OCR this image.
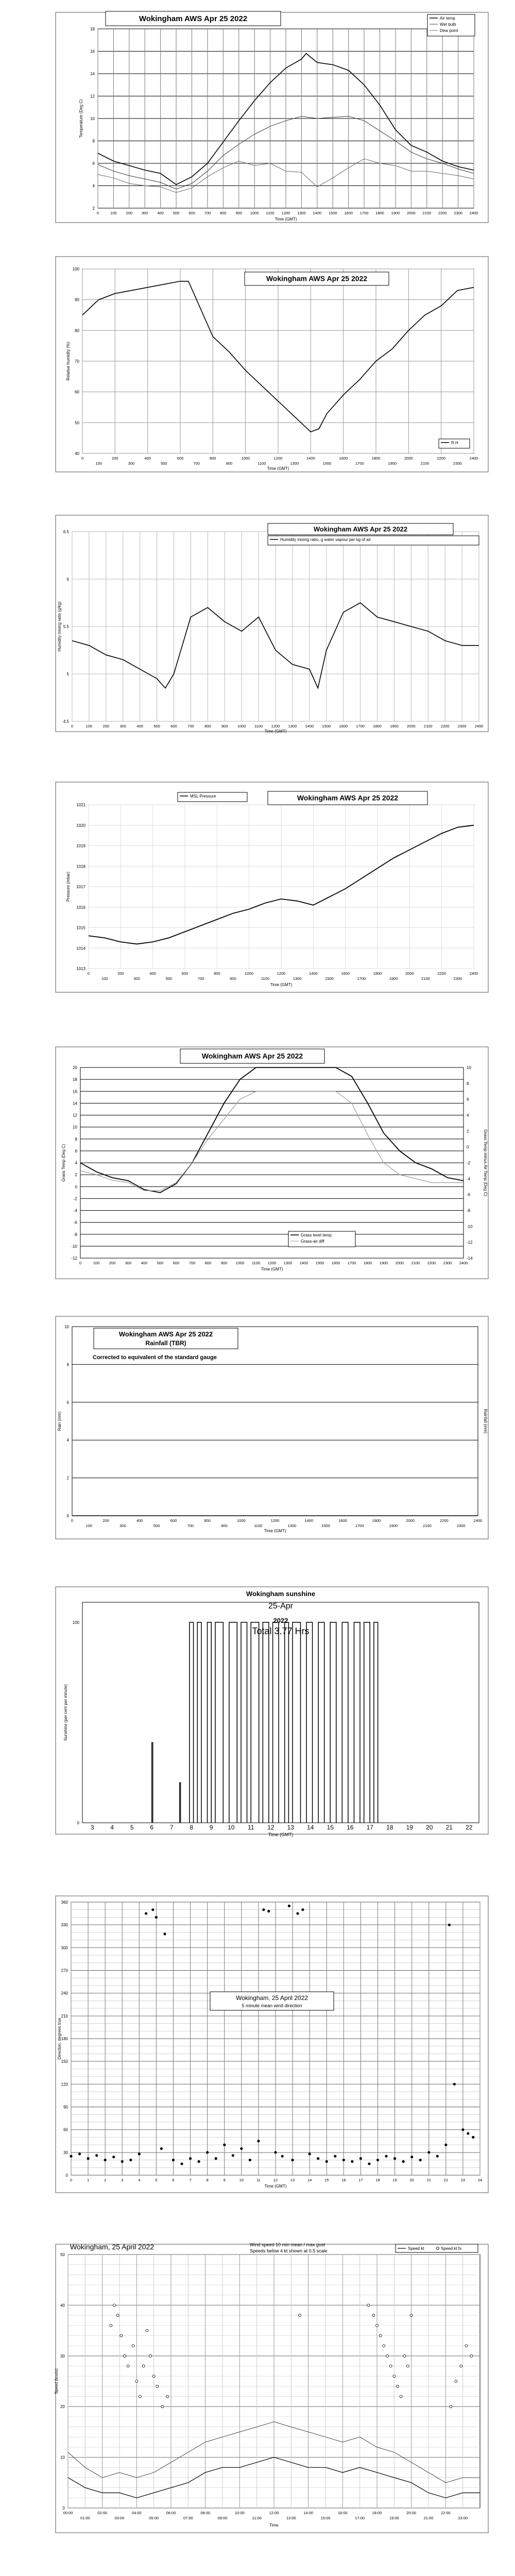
2
4
6
8
10
12
14
16
18
0	100 200 300 400 500 600 700 800 900 1000 1100 1200 1300 1400 1500 1600 1700 1800 1900 2000 2100 2200 2300 2400
Wokingham AWS Apr 25 2022	Air temp
Wet bulb
Dew point
Temperature (Deg C)
Time (GMT)
40
50
60
70
80
90
100
0	200	400	600	800	1000	1200	1400	1600	1800	2000	2200	2400
100	300	500	700	900	1100	1300	1500	1700	1900	2100	2300
Wokingham AWS Apr 25 2022
R.H
Relative humidity (%)
Time (GMT)
4.5
5
5.5
6
6.5
0	100	200	300	400	500	600	700	800	900 1000 1100 1200 1300 1400 1500 1600 1700 1800 1900 2000 2100 2200 2300 2400
Wokingham AWS Apr 25 2022
Humidity mixing ratio, g water vapour per kg of air
Humidity mixing ratio (g/kg)
Time (GMT)
1013
1014
1015
1016
1017
1018
1019
1020
1021
0	200	400	600	800	1000	1200	1400	1600	1800	2000	2200	2400
100	300	500	700	900	1100	1300	1500	1700	1900	2100	2300
Wokingham AWS Apr 25 2022
MSL Pressure
Pressure (mbar)
Time (GMT)
-12
-10
-8
-6
-4
-2
0
2
4
6
8
10
12
14
16
18
20
-14
-12
-10
-8
-6
-4
-2
0
2
4
6
8
10
0	100 200 300 400 500 600 700 800 900 1000 1100 1200 1300 1400 1500 1600 1700 1800 1900 2000 2100 2200 2300 2400
Wokingham AWS Apr 25 2022
Grass level temp
Grass-air diff
Grass Temp (Deg C)	Grass Temp minus Air Temp (Deg C)
Time (GMT)
0
2
4
6
8
10
0	200	400	600	800	1000	1200	1400	1600	1800	2000	2200	2400
100	300	500	700	900	1100	1300	1500	1700	1900	2100	2300
Wokingham AWS Apr 25 2022
Rainfall (TBR)
Corrected to equivalent of the standard gauge
Rain (mm)	Rainfall (mm)
Time (GMT)
0
100
3	4	5	6	7	8	9 10 11 12 13 14 15 16 17 18 19 20 21 22
Wokingham sunshine
25-Apr
2022
Total 3.77 Hrs
Sunshine (per cent per minute)
Time (GMT)
0
30
60
90
120
150
180
210
240
270
300
330
360
0	1	2	3	4	5	6	7	8	9	10	11	12	13	14	15	16	17	18	19	20	21	22	23	24
Wokingham, 25 April 2022
5 minute mean wind direction
Direction, degrees true
Time (GMT)
0
10
20
30
40
50
00:00	02:00	04:00	06:00	08:00	10:00	12:00	14:00	16:00	18:00	20:00	22:00
01:00	03:00	05:00	07:00	09:00	11:00	13:00	15:00	17:00	19:00	21:00	23:00
Wokingham, 25 April 2022	Wind speed 10 min mean / max gust
Speeds below 4 kt shown at 0.5 scale	Speed kt	Speed kt fs
Speed (knots)
Time
